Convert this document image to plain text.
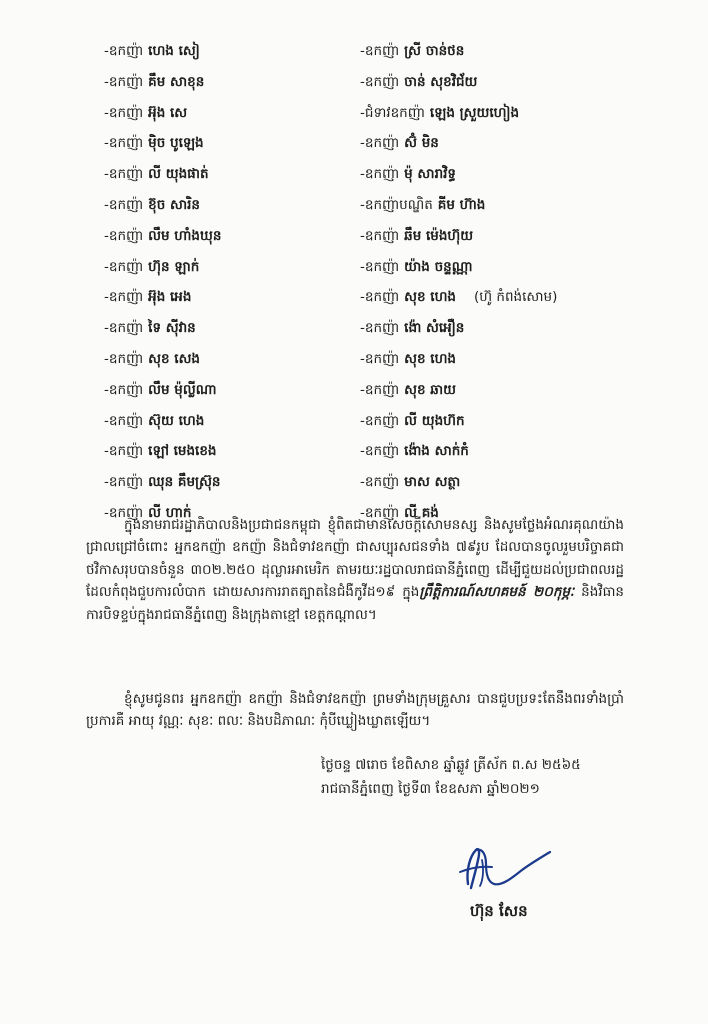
-ឧកញ៉ា ហេង សៀ
-ឧកញ៉ា គឹម សាខុន
-ឧកញ៉ា អ៊ុង សេ
-ឧកញ៉ា ម៉ិច បូឡេង
-ឧកញ៉ា លី យុងផាត់
-ឧកញ៉ា ខ៊ុច សារិន
-ឧកញ៉ា លឹម ហាំងឃុន
-ឧកញ៉ា ហ៊ុន ឡាក់
-ឧកញ៉ា អ៊ុង អេង
-ឧកញ៉ា ទៃ ស៊ីវាន
-ឧកញ៉ា សុខ សេង
-ឧកញ៉ា លឹម ម៉ុល្លីណា
-ឧកញ៉ា ស៊ុយ ហេង
-ឧកញ៉ា ឡៅ មេងខេង
-ឧកញ៉ា ឈុន គឹមស្រ៊ុន
-ឧកញ៉ា លី ហាក់
-ឧកញ៉ា ស្រី ចាន់ថន
-ឧកញ៉ា ចាន់ សុខវិជ័យ
-ជំទាវឧកញ៉ា ឡេង ស្រួយហៀង
-ឧកញ៉ា ស៊ំ មិន
-ឧកញ៉ា ម៉ុ សារាវិទ្ធ
-ឧកញ៉ាបណ្ឌិត គីម ហ៊ាង
-ឧកញ៉ា ឆឹម ម៉េងហ៊ុយ
-ឧកញ៉ា យ៉ាង ចន្ទណ្ណា
-ឧកញ៉ា សុខ ហេង (ហ៊ូ កំពង់សោម)
-ឧកញ៉ា ង៉ោ សំអឿន
-ឧកញ៉ា សុខ ហេង
-ឧកញ៉ា សុខ ឆាយ
-ឧកញ៉ា លី យុងហ៊ក
-ឧកញ៉ា ង៉ោង សាក់កំ
-ឧកញ៉ា មាស សត្ថា
-ឧកញ៉ា លី គង់
ក្នុងនាមរាជរដ្ឋាភិបាលនិងប្រជាជនកម្ពុជា ខ្ញុំពិតជាមានសេចក្តីសោមនស្ស និងសូមថ្លែងអំណរគុណយ៉ាងជ្រាលជ្រៅចំពោះ អ្នកឧកញ៉ា ឧកញ៉ា និងជំទាវឧកញ៉ា ជាសប្បុរសជនទាំង ៧៩រូប ដែលបានចូលរួមបរិច្ចាគជាថវិកាសរុបបានចំនួន ៣០២.២៥០ ដុល្លារអាមេរិក តាមរយៈរដ្ឋបាលរាជធានីភ្នំពេញ ដើម្បីជួយដល់ប្រជាពលរដ្ឋដែលកំពុងជួបការលំបាក ដោយសារការរាតត្បាតនៃជំងឺកូវីដ១៩ ក្នុងព្រឹត្តិការណ៍សហគមន៍ ២០កុម្ភៈ និងវិធានការបិទខ្ទប់ក្នុងរាជធានីភ្នំពេញ និងក្រុងតាខ្មៅ ខេត្តកណ្តាល។
ខ្ញុំសូមជូនពរ អ្នកឧកញ៉ា ឧកញ៉ា និងជំទាវឧកញ៉ា ព្រមទាំងក្រុមគ្រួសារ បានជួបប្រទះតែនឹងពរទាំងប្រាំប្រការគឺ អាយុ វណ្ណៈ សុខៈ ពលៈ និងបដិភាណៈ កុំបីឃ្លៀងឃ្លាតឡើយ។
ថ្ងៃចន្ទ ៧រោច ខែពិសាខ ឆ្នាំឆ្លូវ ត្រីស័ក ព.ស ២៥៦៥
រាជធានីភ្នំពេញ ថ្ងៃទី៣ ខែឧសភា ឆ្នាំ២០២១
ហ៊ុន សែន
